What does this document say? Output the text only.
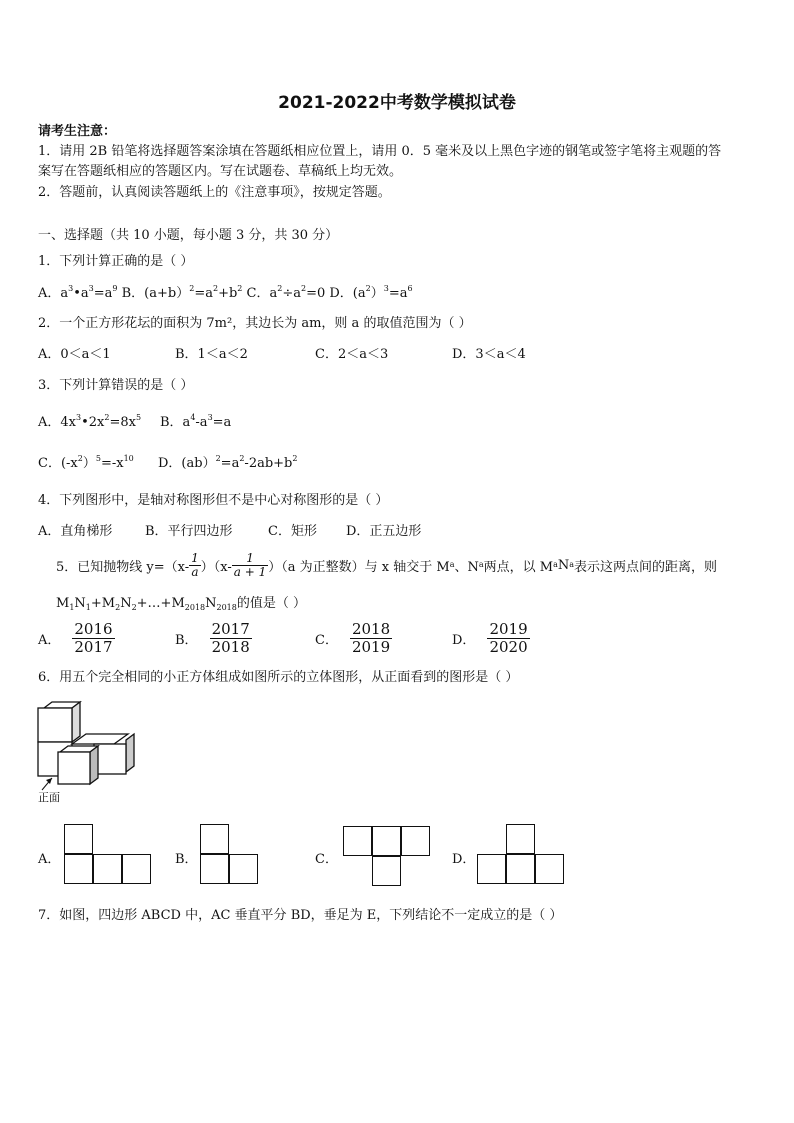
2021-2022中考数学模拟试卷
请考生注意：
1．请用 2B 铅笔将选择题答案涂填在答题纸相应位置上，请用 0．5 毫米及以上黑色字迹的钢笔或签字笔将主观题的答
案写在答题纸相应的答题区内。写在试题卷、草稿纸上均无效。
2．答题前，认真阅读答题纸上的《注意事项》，按规定答题。
一、选择题（共 10 小题，每小题 3 分，共 30 分）
1．下列计算正确的是（ ）
A．$a^3•a^3=a^9$ B．$(a+b)^2=a^2+b^2$ C．$a^2\div a^2=0$ D．$(a^2)^3=a^6$
2．一个正方形花坛的面积为 7m²，其边长为 am，则 a 的取值范围为（ ）
A．0＜a＜1	B．1＜a＜2	C．2＜a＜3	D．3＜a＜4
3．下列计算错误的是（ ）
A．$4x^3•2x^2=8x^5$ B．$a^4-a^3=a$
C．$(-x^2)^5=-x^{10}$ D．$(ab)^2=a^2-2ab+b^2$
4．下列图形中，是轴对称图形但不是中心对称图形的是（ ）
A．直角梯形	B．平行四边形	C．矩形 D．正五边形
5．已知抛物线 y=（x-
1
a ）（x-
1
a + 1 ）（a 为正整数）与 x 轴交于 M a 、N a 两点，以 M a N a 表示这两点间的距离，则
$M_1N_1+M_2N_2+\dots+M_{2018}N_{2018}$的值是（ ）
A． $\frac{2016}{2017}$	B． $\frac{2017}{2018}$	C． $\frac{2018}{2019}$	D． $\frac{2019}{2020}$
6．用五个完全相同的小正方体组成如图所示的立体图形，从正面看到的图形是（ ）
正面
A．	B．	C．	D．
7．如图，四边形 ABCD 中，AC 垂直平分 BD，垂足为 E，下列结论不一定成立的是（ ）
